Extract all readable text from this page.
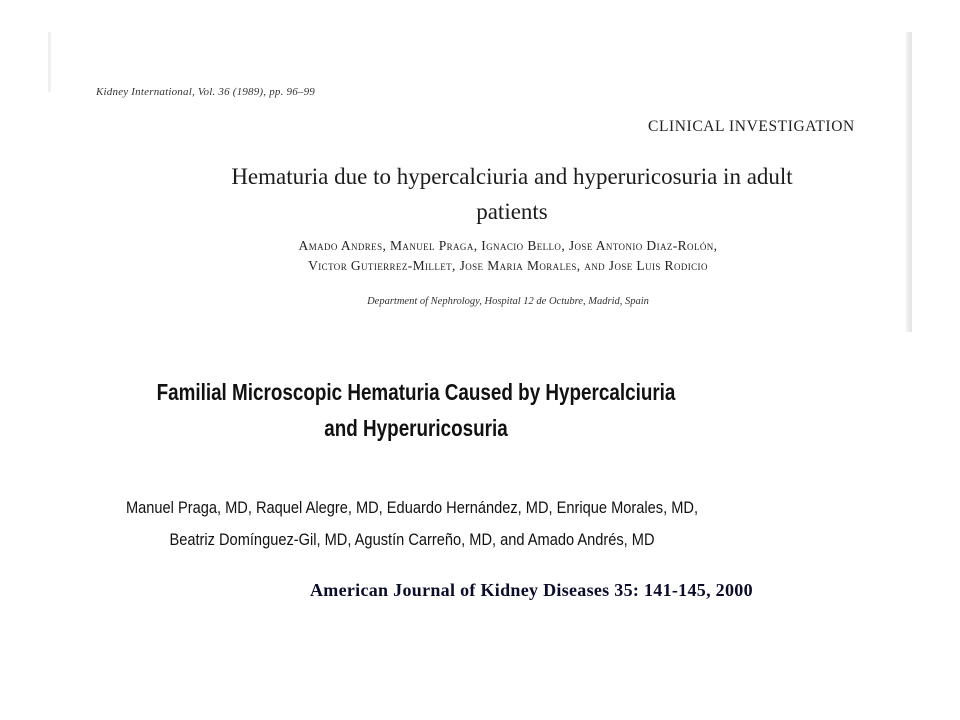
Kidney International, Vol. 36 (1989), pp. 96–99

CLINICAL INVESTIGATION

Hematuria due to hypercalciuria and hyperuricosuria in adult
patients

Amado Andres, Manuel Praga, Ignacio Bello, Jose Antonio Diaz-Rolón,
Victor Gutierrez-Millet, Jose Maria Morales, and Jose Luis Rodicio

Department of Nephrology, Hospital 12 de Octubre, Madrid, Spain

Familial Microscopic Hematuria Caused by Hypercalciuria
and Hyperuricosuria

Manuel Praga, MD, Raquel Alegre, MD, Eduardo Hernández, MD, Enrique Morales, MD,
Beatriz Domínguez-Gil, MD, Agustín Carreño, MD, and Amado Andrés, MD

American Journal of Kidney Diseases 35: 141-145, 2000
